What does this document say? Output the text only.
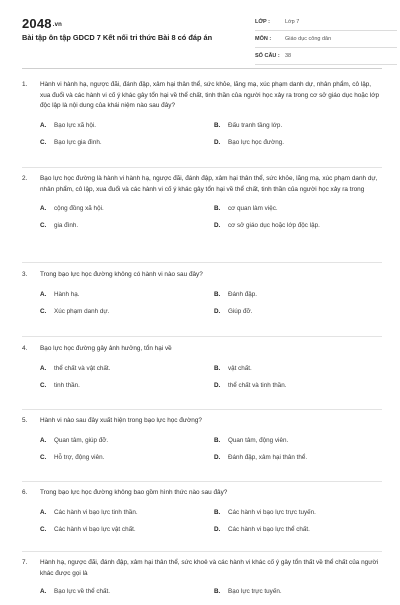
$2048^{.vn}$
Bài tập ôn tập GDCD 7 Kết nối tri thức Bài 8 có đáp án
LỚP :	Lớp 7
MÔN :	Giáo dục công dân
SỐ CÂU : 38
1.	Hành vi hành hạ, ngược đãi, đánh đập, xâm hại thân thể, sức khỏe, lăng mạ, xúc phạm danh dự, nhân phẩm, cô lập, xua đuổi và các hành vi cố ý khác gây tổn hại về thể chất, tinh thần của người học xảy ra trong cơ sở giáo dục hoặc lớp độc lập là nội dung của khái niệm nào sau đây?
A.	Bạo lực xã hội.	B.	Đấu tranh tầng lớp.
C.	Bạo lực gia đình.	D.	Bạo lực học đường.
2.	Bạo lực học đường là hành vi hành hạ, ngược đãi, đánh đập, xâm hại thân thể, sức khỏe, lăng mạ, xúc phạm danh dự, nhân phẩm, cô lập, xua đuổi và các hành vi cố ý khác gây tổn hại về thể chất, tinh thần của người học xảy ra trong
A.	cộng đồng xã hội.	B.	cơ quan làm việc.
C.	gia đình.	D.	cơ sở giáo dục hoặc lớp độc lập.
3.	Trong bạo lực học đường không có hành vi nào sau đây?
A.	Hành hạ.	B.	Đánh đập.
C.	Xúc phạm danh dự.	D.	Giúp đỡ.
4.	Bạo lực học đường gây ảnh hưởng, tổn hại về
A.	thể chất và vật chất.	B.	vật chất.
C.	tinh thần.	D.	thể chất và tinh thần.
5.	Hành vi nào sau đây xuất hiện trong bạo lực học đường?
A.	Quan tâm, giúp đỡ.	B.	Quan tâm, động viên.
C.	Hỗ trợ, động viên.	D.	Đánh đập, xâm hại thân thể.
6.	Trong bạo lực học đường không bao gồm hình thức nào sau đây?
A.	Các hành vi bạo lực tinh thần.	B.	Các hành vi bạo lực trực tuyến.
C.	Các hành vi bạo lực vật chất.	D.	Các hành vi bạo lực thể chất.
7.	Hành hạ, ngược đãi, đánh đập, xâm hại thân thể, sức khoẻ và các hành vi khác cố ý gây tổn thất về thể chất của người khác được gọi là
A.	Bạo lực về thể chất.	B.	Bạo lực trực tuyến.
